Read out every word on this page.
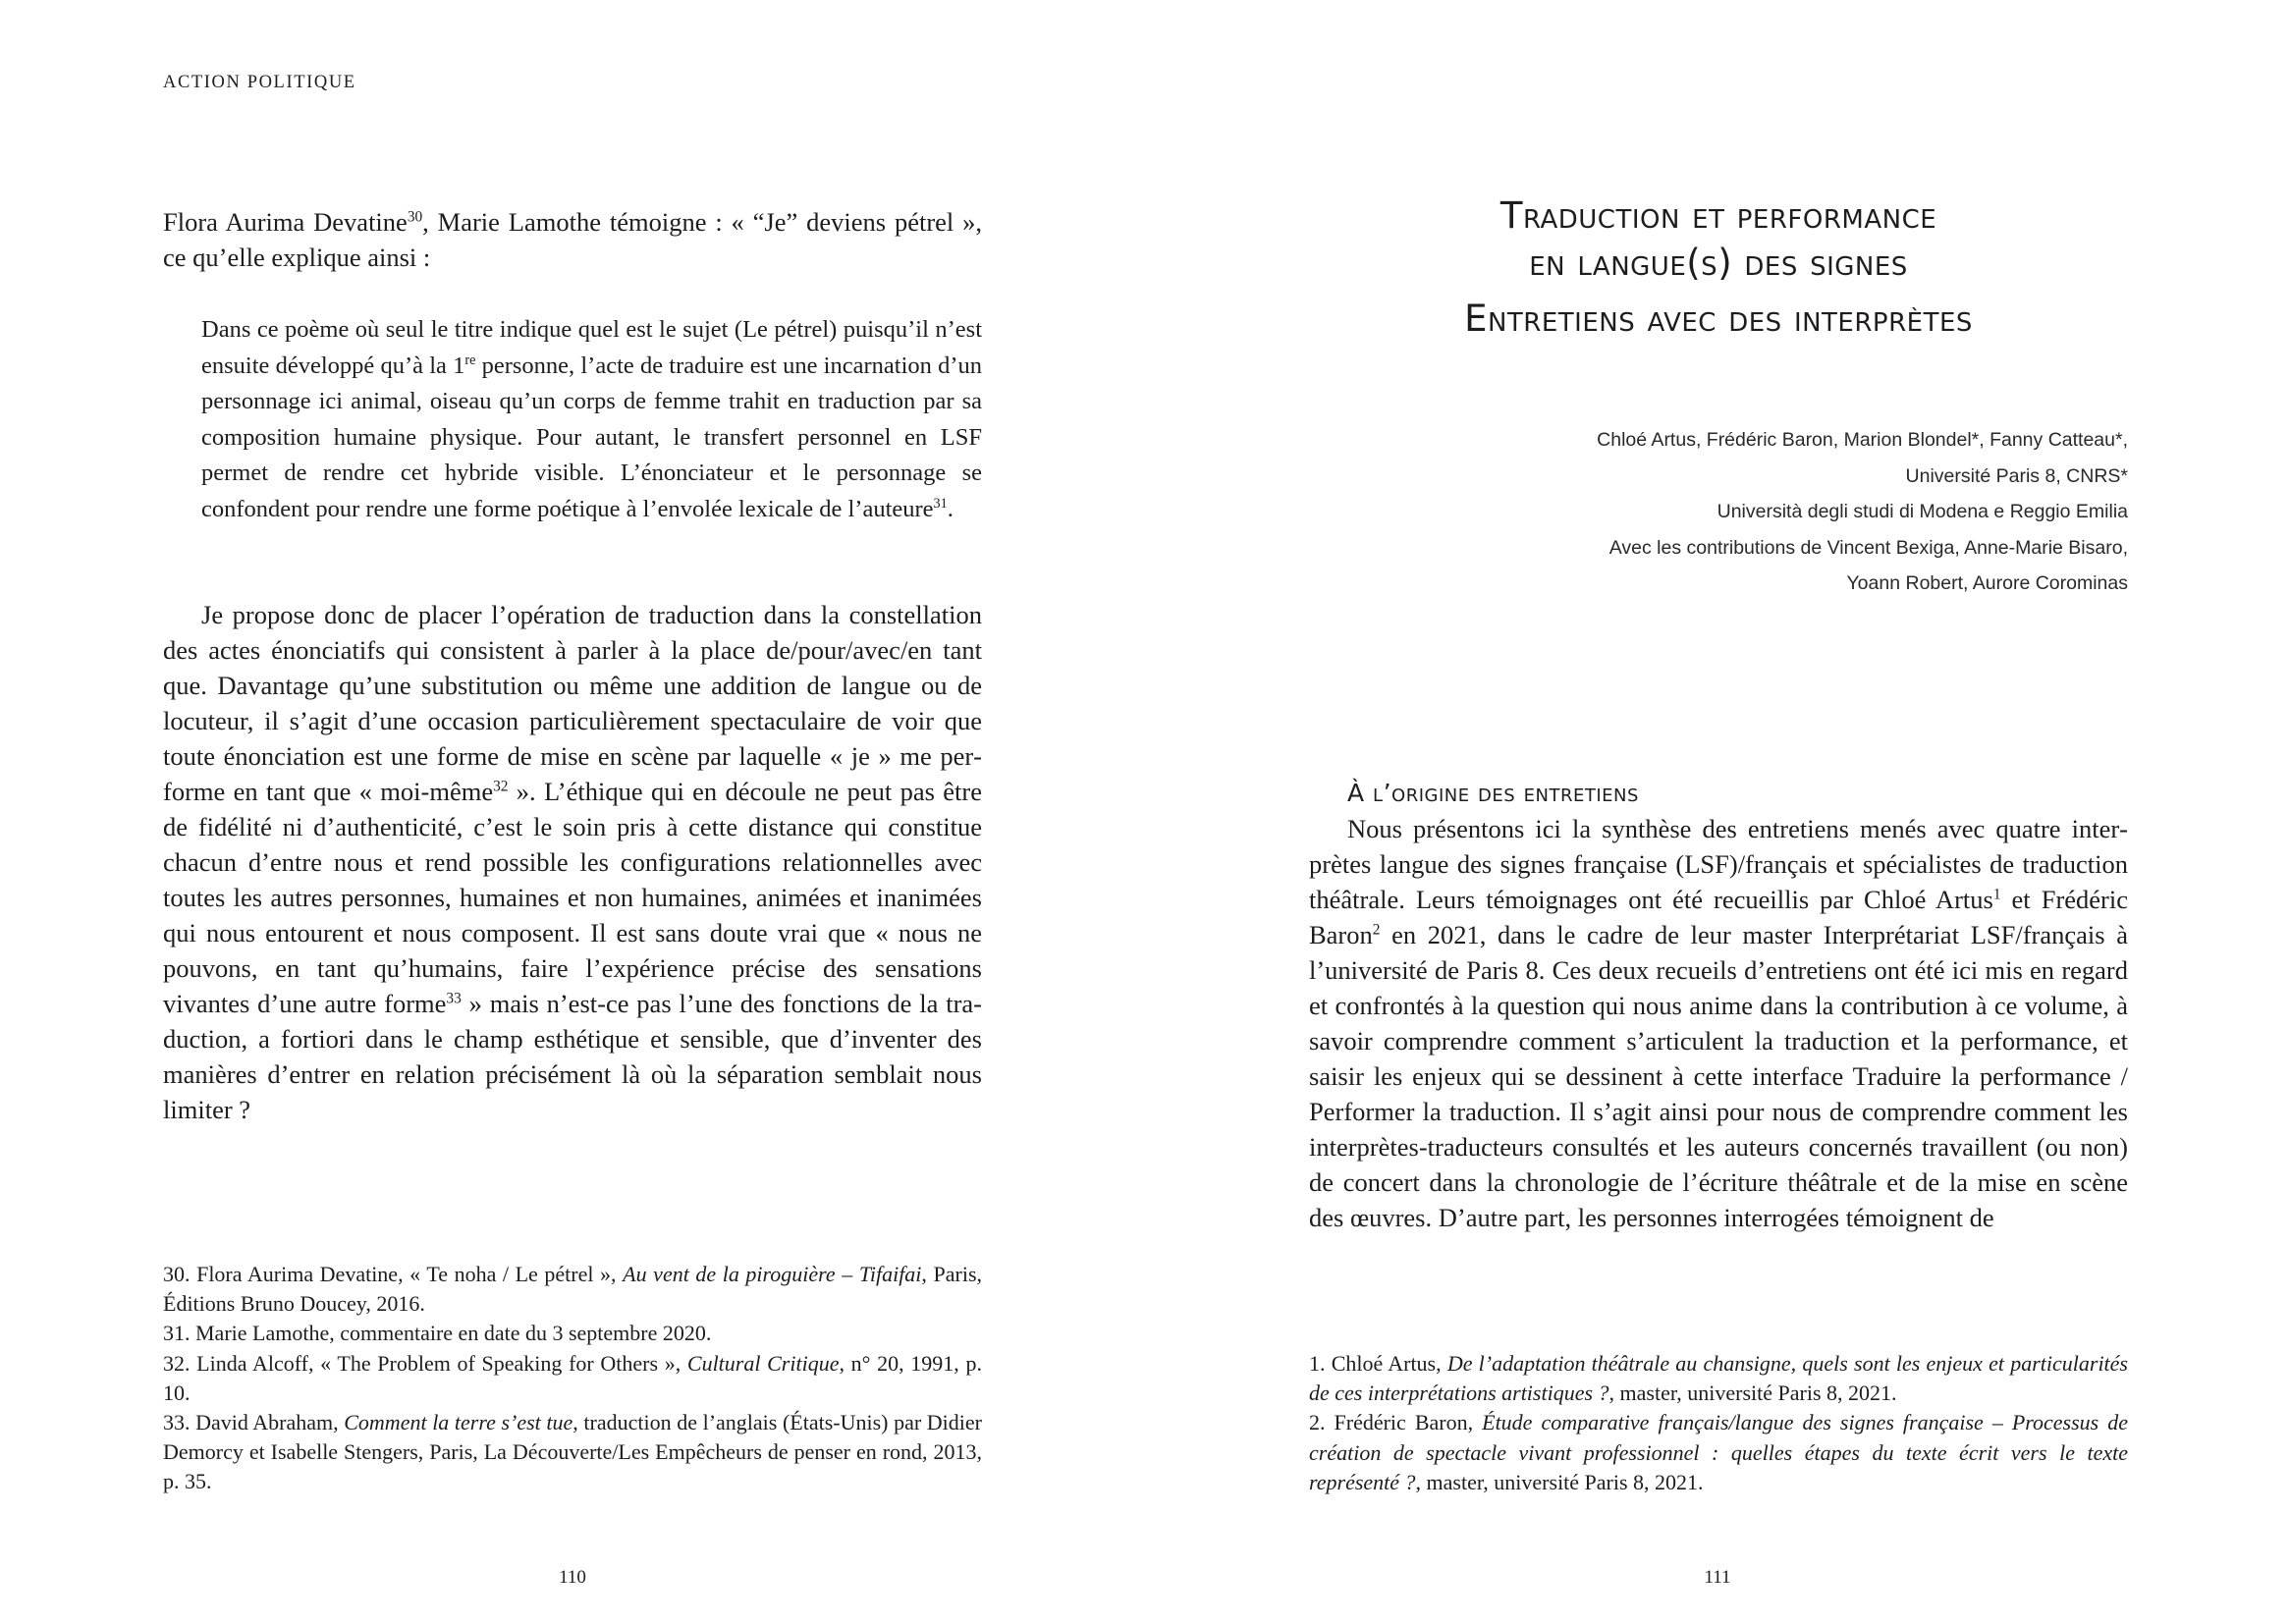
ACTION POLITIQUE

Flora Aurima Devatine$^{30}$, Marie Lamothe témoigne : « “Je” deviens pétrel », ce qu’elle explique ainsi :

Dans ce poème où seul le titre indique quel est le sujet (Le pétrel) puisqu’il n’est ensuite développé qu’à la 1re personne, l’acte de traduire est une incarnation d’un personnage ici animal, oiseau qu’un corps de femme trahit en traduction par sa composition humaine physique. Pour autant, le transfert personnel en LSF permet de rendre cet hybride visible. L’énonciateur et le personnage se confondent pour rendre une forme poétique à l’envolée lexicale de l’auteure$^{31}$.

Je propose donc de placer l’opération de traduction dans la constellation des actes énonciatifs qui consistent à parler à la place de/pour/avec/en tant que. Davantage qu’une substitution ou même une addition de langue ou de locuteur, il s’agit d’une occasion particulièrement spectaculaire de voir que toute énonciation est une forme de mise en scène par laquelle « je » me performe en tant que « moi-même$^{32}$ ». L’éthique qui en découle ne peut pas être de fidélité ni d’authenticité, c’est le soin pris à cette distance qui constitue chacun d’entre nous et rend possible les configurations relationnelles avec toutes les autres personnes, humaines et non humaines, animées et inanimées qui nous entourent et nous composent. Il est sans doute vrai que « nous ne pouvons, en tant qu’humains, faire l’expérience précise des sensations vivantes d’une autre forme$^{33}$ » mais n’est-ce pas l’une des fonctions de la traduction, a fortiori dans le champ esthétique et sensible, que d’inventer des manières d’entrer en relation précisément là où la séparation semblait nous limiter ?

30. Flora Aurima Devatine, « Te noha / Le pétrel », Au vent de la piroguière – Tifaifai, Paris, Éditions Bruno Doucey, 2016.

31. Marie Lamothe, commentaire en date du 3 septembre 2020.

32. Linda Alcoff, « The Problem of Speaking for Others », Cultural Critique, n° 20, 1991, p. 10.

33. David Abraham, Comment la terre s’est tue, traduction de l’anglais (États-Unis) par Didier Demorcy et Isabelle Stengers, Paris, La Découverte/Les Empêcheurs de penser en rond, 2013, p. 35.

110
Traduction et performance
en langue(s) des signes
Entretiens avec des interprètes

Chloé Artus, Frédéric Baron, Marion Blondel*, Fanny Catteau*,

Université Paris 8, CNRS*

Università degli studi di Modena e Reggio Emilia

Avec les contributions de Vincent Bexiga, Anne-Marie Bisaro,

Yoann Robert, Aurore Corominas

À l’origine des entretiens

Nous présentons ici la synthèse des entretiens menés avec quatre interprètes langue des signes française (LSF)/français et spécialistes de traduction théâtrale. Leurs témoignages ont été recueillis par Chloé Artus$^1$ et Frédéric Baron$^2$ en 2021, dans le cadre de leur master Interprétariat LSF/français à l’université de Paris 8. Ces deux recueils d’entretiens ont été ici mis en regard et confrontés à la question qui nous anime dans la contribution à ce volume, à savoir comprendre comment s’articulent la traduction et la performance, et saisir les enjeux qui se dessinent à cette interface Traduire la performance / Performer la traduction. Il s’agit ainsi pour nous de comprendre comment les interprètes-traducteurs consultés et les auteurs concernés travaillent (ou non) de concert dans la chronologie de l’écriture théâtrale et de la mise en scène des œuvres. D’autre part, les personnes interrogées témoignent de

1. Chloé Artus, De l’adaptation théâtrale au chansigne, quels sont les enjeux et particularités de ces interprétations artistiques ?, master, université Paris 8, 2021.

2. Frédéric Baron, Étude comparative français/langue des signes française – Processus de création de spectacle vivant professionnel : quelles étapes du texte écrit vers le texte représenté ?, master, université Paris 8, 2021.

111
